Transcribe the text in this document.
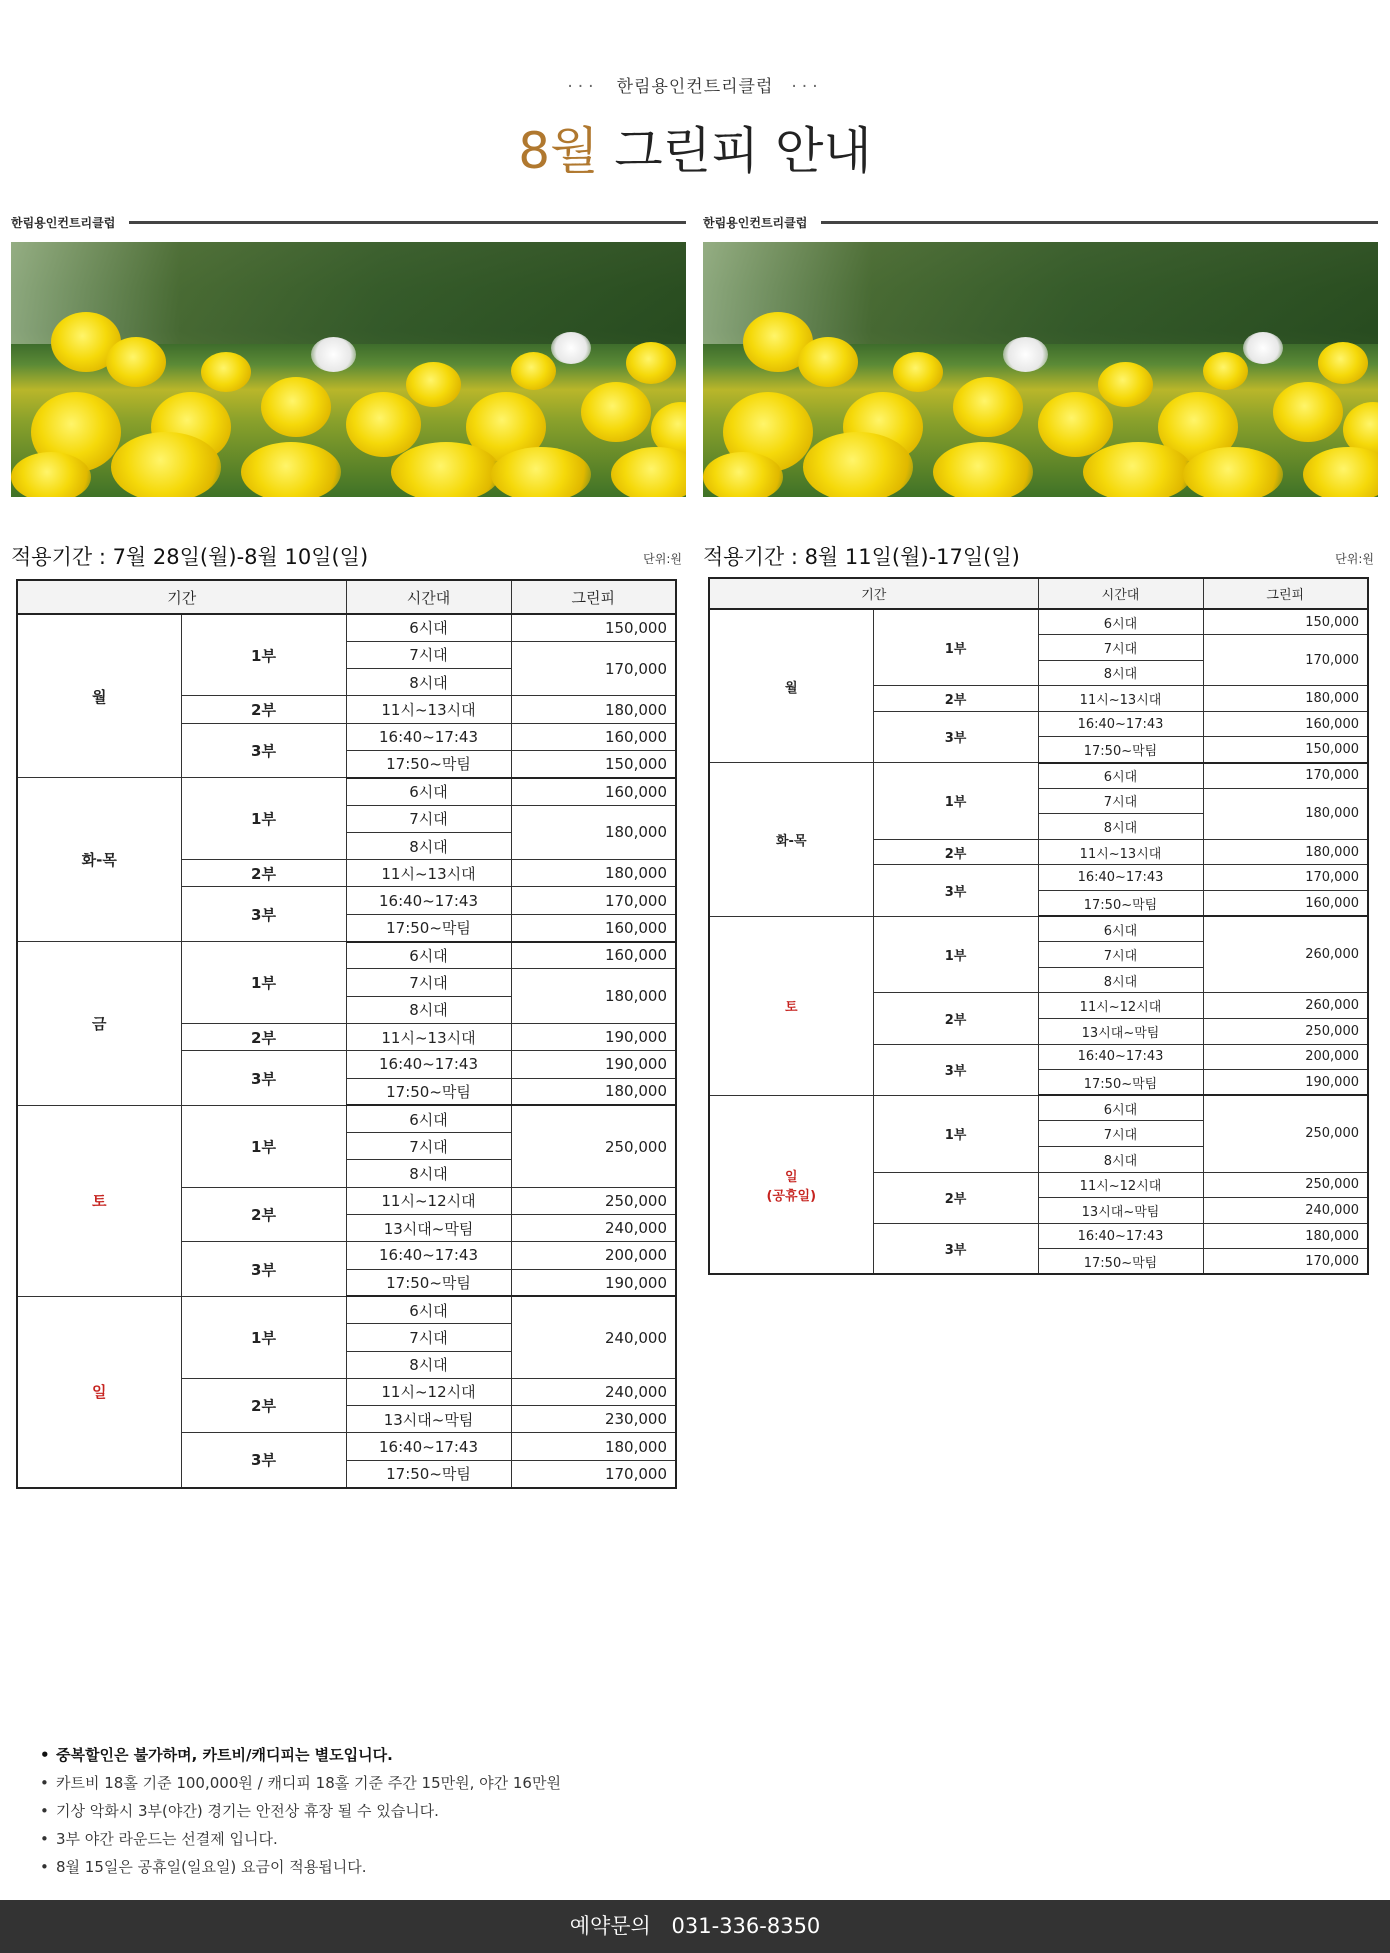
··· 한림용인컨트리클럽 ···
8월 그린피 안내
한림용인컨트리클럽
적용기간 : 7월 28일(월)-8월 10일(일)	단위:원
기간		시간대	그린피
월	1부	6시대	150,000
		7시대	170,000
		8시대	
	2부	11시~13시대	180,000
	3부	16:40~17:43	160,000
		17:50~막팀	150,000
화-목	1부	6시대	160,000
		7시대	180,000
		8시대	
	2부	11시~13시대	180,000
	3부	16:40~17:43	170,000
		17:50~막팀	160,000
금	1부	6시대	160,000
		7시대	180,000
		8시대	
	2부	11시~13시대	190,000
	3부	16:40~17:43	190,000
		17:50~막팀	180,000
토	1부	6시대	250,000
		7시대	
		8시대	
	2부	11시~12시대	250,000
		13시대~막팀	240,000
	3부	16:40~17:43	200,000
		17:50~막팀	190,000
일	1부	6시대	240,000
		7시대	
		8시대	
	2부	11시~12시대	240,000
		13시대~막팀	230,000
	3부	16:40~17:43	180,000
		17:50~막팀	170,000
한림용인컨트리클럽
적용기간 : 8월 11일(월)-17일(일)	단위:원
기간		시간대	그린피
월	1부	6시대	150,000
		7시대	170,000
		8시대	
	2부	11시~13시대	180,000
	3부	16:40~17:43	160,000
		17:50~막팀	150,000
화-목	1부	6시대	170,000
		7시대	180,000
		8시대	
	2부	11시~13시대	180,000
	3부	16:40~17:43	170,000
		17:50~막팀	160,000
토	1부	6시대	260,000
		7시대	
		8시대	
	2부	11시~12시대	260,000
		13시대~막팀	250,000
	3부	16:40~17:43	200,000
		17:50~막팀	190,000
일
(공휴일)	1부	6시대	250,000
		7시대	
		8시대	
	2부	11시~12시대	250,000
		13시대~막팀	240,000
	3부	16:40~17:43	180,000
		17:50~막팀	170,000
• 중복할인은 불가하며, 카트비/캐디피는 별도입니다.
• 카트비 18홀 기준 100,000원 / 캐디피 18홀 기준 주간 15만원, 야간 16만원
• 기상 악화시 3부(야간) 경기는 안전상 휴장 될 수 있습니다.
• 3부 야간 라운드는 선결제 입니다.
• 8월 15일은 공휴일(일요일) 요금이 적용됩니다.
예약문의 031-336-8350
